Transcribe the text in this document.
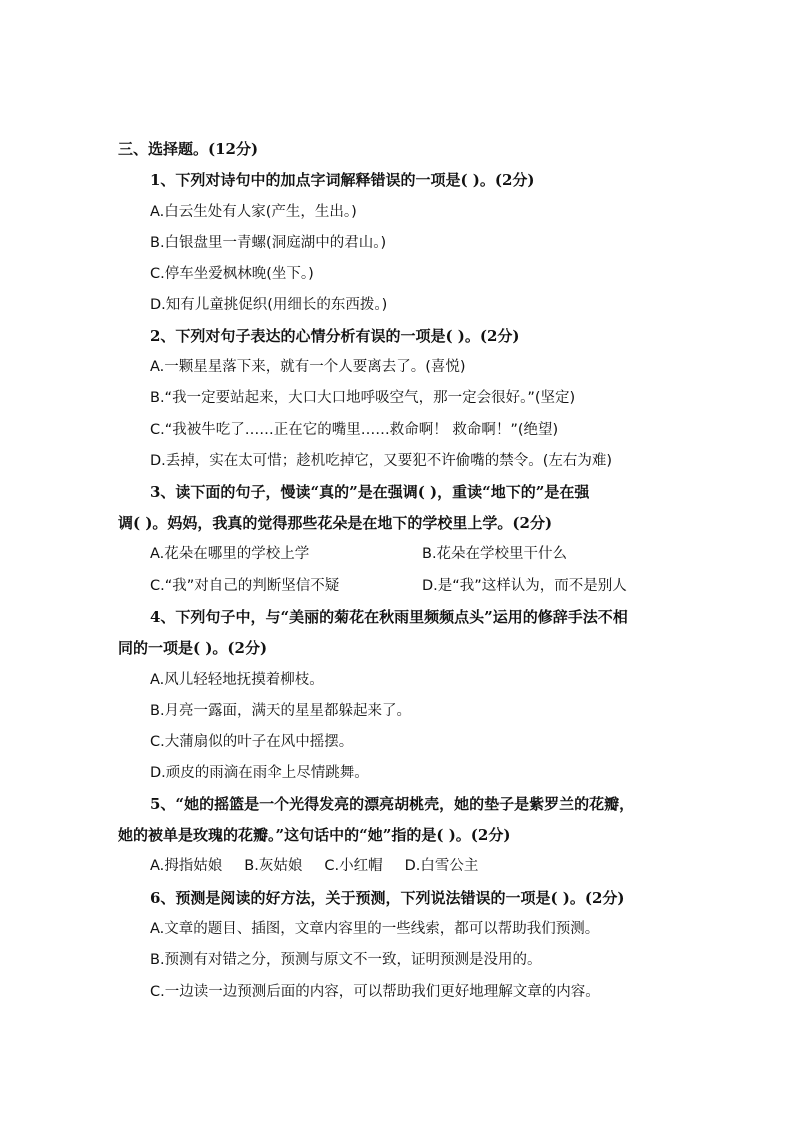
三、选择题。(12分)
1、下列对诗句中的加点字词解释错误的一项是( )。(2分)
A.白云生处有人家(产生，生出。)
B.白银盘里一青螺(洞庭湖中的君山。)
C.停车坐爱枫林晚(坐下。)
D.知有儿童挑促织(用细长的东西拨。)
2、下列对句子表达的心情分析有误的一项是( )。(2分)
A.一颗星星落下来，就有一个人要离去了。(喜悦)
B.“我一定要站起来，大口大口地呼吸空气，那一定会很好。”(坚定)
C.“我被牛吃了……正在它的嘴里……救命啊！ 救命啊！”(绝望)
D.丢掉，实在太可惜；趁机吃掉它，又要犯不许偷嘴的禁令。(左右为难)
3、读下面的句子，慢读“真的”是在强调( )，重读“地下的”是在强
调( )。妈妈，我真的觉得那些花朵是在地下的学校里上学。(2分)
A.花朵在哪里的学校上学	B.花朵在学校里干什么
C.“我”对自己的判断坚信不疑	D.是“我”这样认为，而不是别人
4、下列句子中，与“美丽的菊花在秋雨里频频点头”运用的修辞手法不相
同的一项是( )。(2分)
A.风儿轻轻地抚摸着柳枝。
B.月亮一露面，满天的星星都躲起来了。
C.大蒲扇似的叶子在风中摇摆。
D.顽皮的雨滴在雨伞上尽情跳舞。
5、“她的摇篮是一个光得发亮的漂亮胡桃壳，她的垫子是紫罗兰的花瓣，
她的被单是玫瑰的花瓣。”这句话中的“她”指的是( )。(2分)
A.拇指姑娘 B.灰姑娘 C.小红帽 D.白雪公主
6、预测是阅读的好方法，关于预测，下列说法错误的一项是( )。(2分)
A.文章的题目、插图，文章内容里的一些线索，都可以帮助我们预测。
B.预测有对错之分，预测与原文不一致，证明预测是没用的。
C.一边读一边预测后面的内容，可以帮助我们更好地理解文章的内容。
